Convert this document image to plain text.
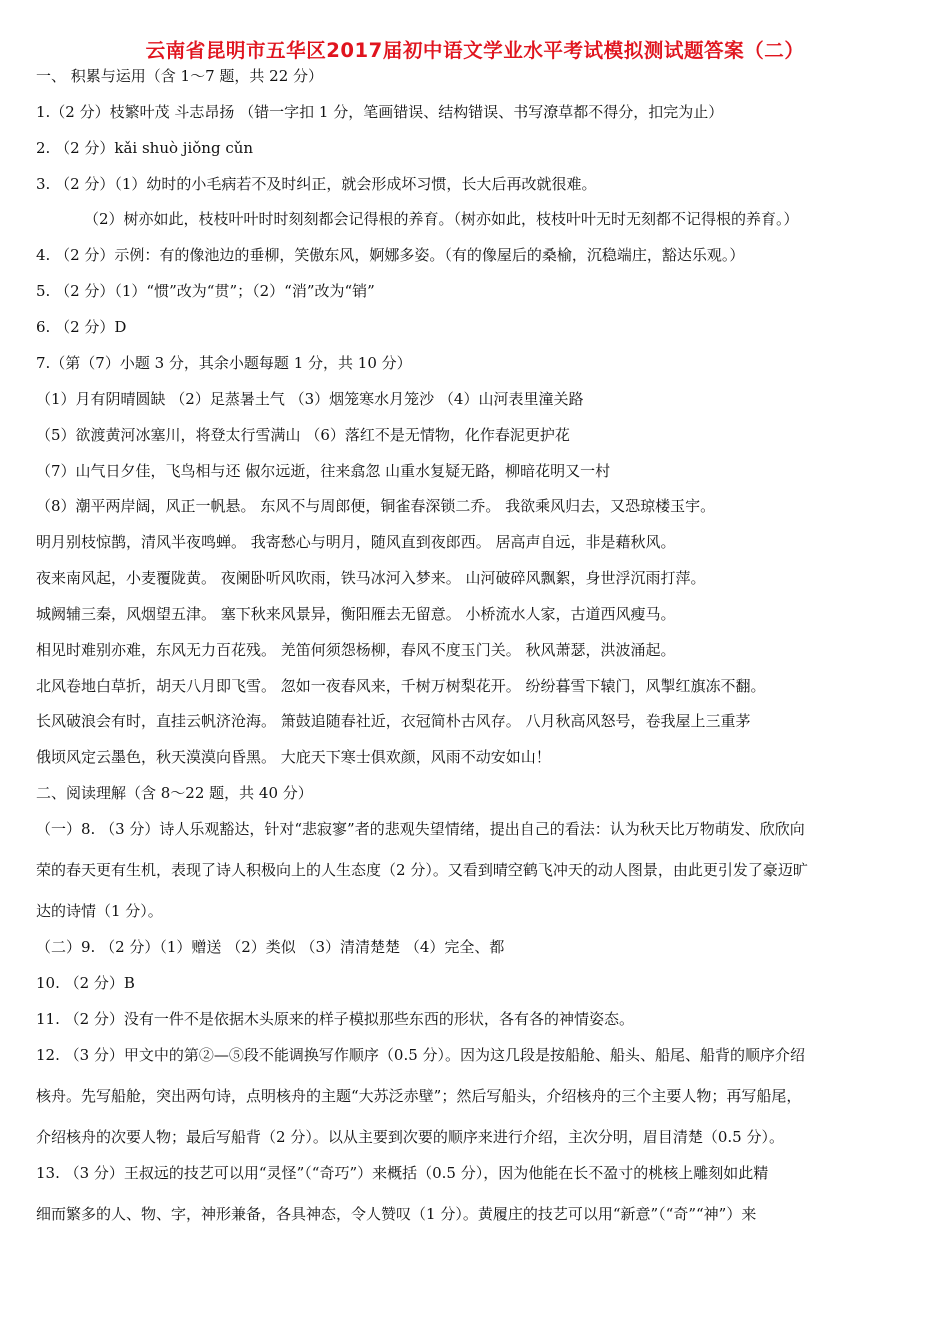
云南省昆明市五华区2017届初中语文学业水平考试模拟测试题答案（二）
一、 积累与运用（含 1～7 题，共 22 分）
1.（2 分）枝繁叶茂 斗志昂扬 （错一字扣 1 分，笔画错误、结构错误、书写潦草都不得分，扣完为止）
2. （2 分）kǎi shuò jiǒng cǔn
3. （2 分）（1）幼时的小毛病若不及时纠正，就会形成坏习惯，长大后再改就很难。
（2）树亦如此，枝枝叶叶时时刻刻都会记得根的养育。（树亦如此，枝枝叶叶无时无刻都不记得根的养育。）
4. （2 分）示例：有的像池边的垂柳，笑傲东风，婀娜多姿。（有的像屋后的桑榆，沉稳端庄，豁达乐观。）
5. （2 分）（1）“惯”改为“贯”；（2）“消”改为“销”
6. （2 分）D
7.（第（7）小题 3 分，其余小题每题 1 分，共 10 分）
（1）月有阴晴圆缺 （2）足蒸暑土气 （3）烟笼寒水月笼沙 （4）山河表里潼关路
（5）欲渡黄河冰塞川，将登太行雪满山 （6）落红不是无情物，化作春泥更护花
（7）山气日夕佳，飞鸟相与还 俶尔远逝，往来翕忽 山重水复疑无路，柳暗花明又一村
（8）潮平两岸阔，风正一帆悬。 东风不与周郎便，铜雀春深锁二乔。 我欲乘风归去，又恐琼楼玉宇。
明月别枝惊鹊，清风半夜鸣蝉。 我寄愁心与明月，随风直到夜郎西。 居高声自远，非是藉秋风。
夜来南风起，小麦覆陇黄。 夜阑卧听风吹雨，铁马冰河入梦来。 山河破碎风飘絮，身世浮沉雨打萍。
城阙辅三秦，风烟望五津。 塞下秋来风景异，衡阳雁去无留意。 小桥流水人家，古道西风瘦马。
相见时难别亦难，东风无力百花残。 羌笛何须怨杨柳，春风不度玉门关。 秋风萧瑟，洪波涌起。
北风卷地白草折，胡天八月即飞雪。 忽如一夜春风来，千树万树梨花开。 纷纷暮雪下辕门，风掣红旗冻不翻。
长风破浪会有时，直挂云帆济沧海。 箫鼓追随春社近，衣冠简朴古风存。 八月秋高风怒号，卷我屋上三重茅
俄顷风定云墨色，秋天漠漠向昏黑。 大庇天下寒士俱欢颜，风雨不动安如山！
二、阅读理解（含 8～22 题，共 40 分）
（一）8. （3 分）诗人乐观豁达，针对“悲寂寥”者的悲观失望情绪，提出自己的看法：认为秋天比万物萌发、欣欣向
荣的春天更有生机，表现了诗人积极向上的人生态度（2 分）。又看到晴空鹤飞冲天的动人图景，由此更引发了豪迈旷
达的诗情（1 分）。
（二）9. （2 分）（1）赠送 （2）类似 （3）清清楚楚 （4）完全、都
10. （2 分）B
11. （2 分）没有一件不是依据木头原来的样子模拟那些东西的形状，各有各的神情姿态。
12. （3 分）甲文中的第②—⑤段不能调换写作顺序（0.5 分）。因为这几段是按船舱、船头、船尾、船背的顺序介绍
核舟。先写船舱，突出两句诗，点明核舟的主题“大苏泛赤壁”；然后写船头，介绍核舟的三个主要人物；再写船尾，
介绍核舟的次要人物；最后写船背（2 分）。以从主要到次要的顺序来进行介绍，主次分明，眉目清楚（0.5 分）。
13. （3 分）王叔远的技艺可以用“灵怪”（“奇巧”）来概括（0.5 分），因为他能在长不盈寸的桃核上雕刻如此精
细而繁多的人、物、字，神形兼备，各具神态，令人赞叹（1 分）。黄履庄的技艺可以用“新意”（“奇”“神”）来
